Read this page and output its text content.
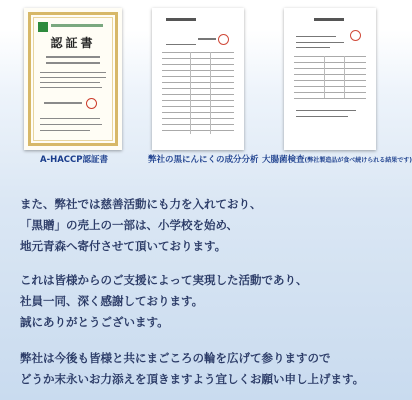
認証書
A-HACCP認証書	弊社の黒にんにくの成分分析 大腸菌検査(弊社製造品が食べ続けられる結果です)
また、弊社では慈善活動にも力を入れており、
「黒贈」の売上の一部は、小学校を始め、
地元青森へ寄付させて頂いております。
これは皆様からのご支援によって実現した活動であり、
社員一同、深く感謝しております。
誠にありがとうございます。
弊社は今後も皆様と共にまごころの輪を広げて参りますので
どうか末永いお力添えを頂きますよう宜しくお願い申し上げます。
